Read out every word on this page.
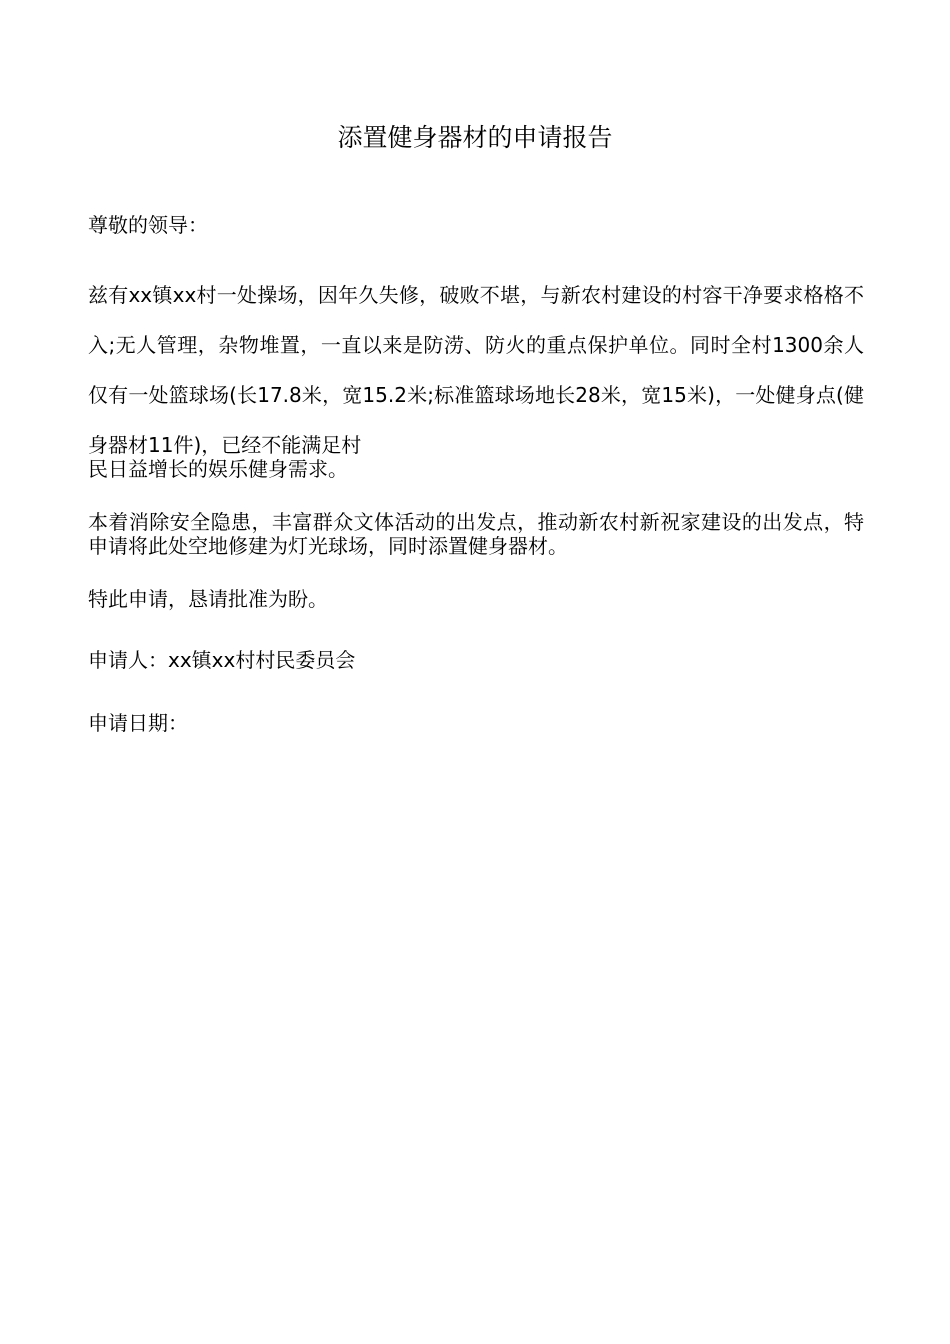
添置健身器材的申请报告

尊敬的领导：

兹有xx镇xx村一处操场，因年久失修，破败不堪，与新农村建设的村容干净要求格格不入;无人管理，杂物堆置，一直以来是防涝、防火的重点保护单位。同时全村1300余人仅有一处篮球场(长17.8米，宽15.2米;标准篮球场地长28米，宽15米)，一处健身点(健身器材11件)，已经不能满足村

民日益增长的娱乐健身需求。

本着消除安全隐患，丰富群众文体活动的出发点，推动新农村新祝家建设的出发点，特申请将此处空地修建为灯光球场，同时添置健身器材。

特此申请，恳请批准为盼。

申请人：xx镇xx村村民委员会

申请日期：
